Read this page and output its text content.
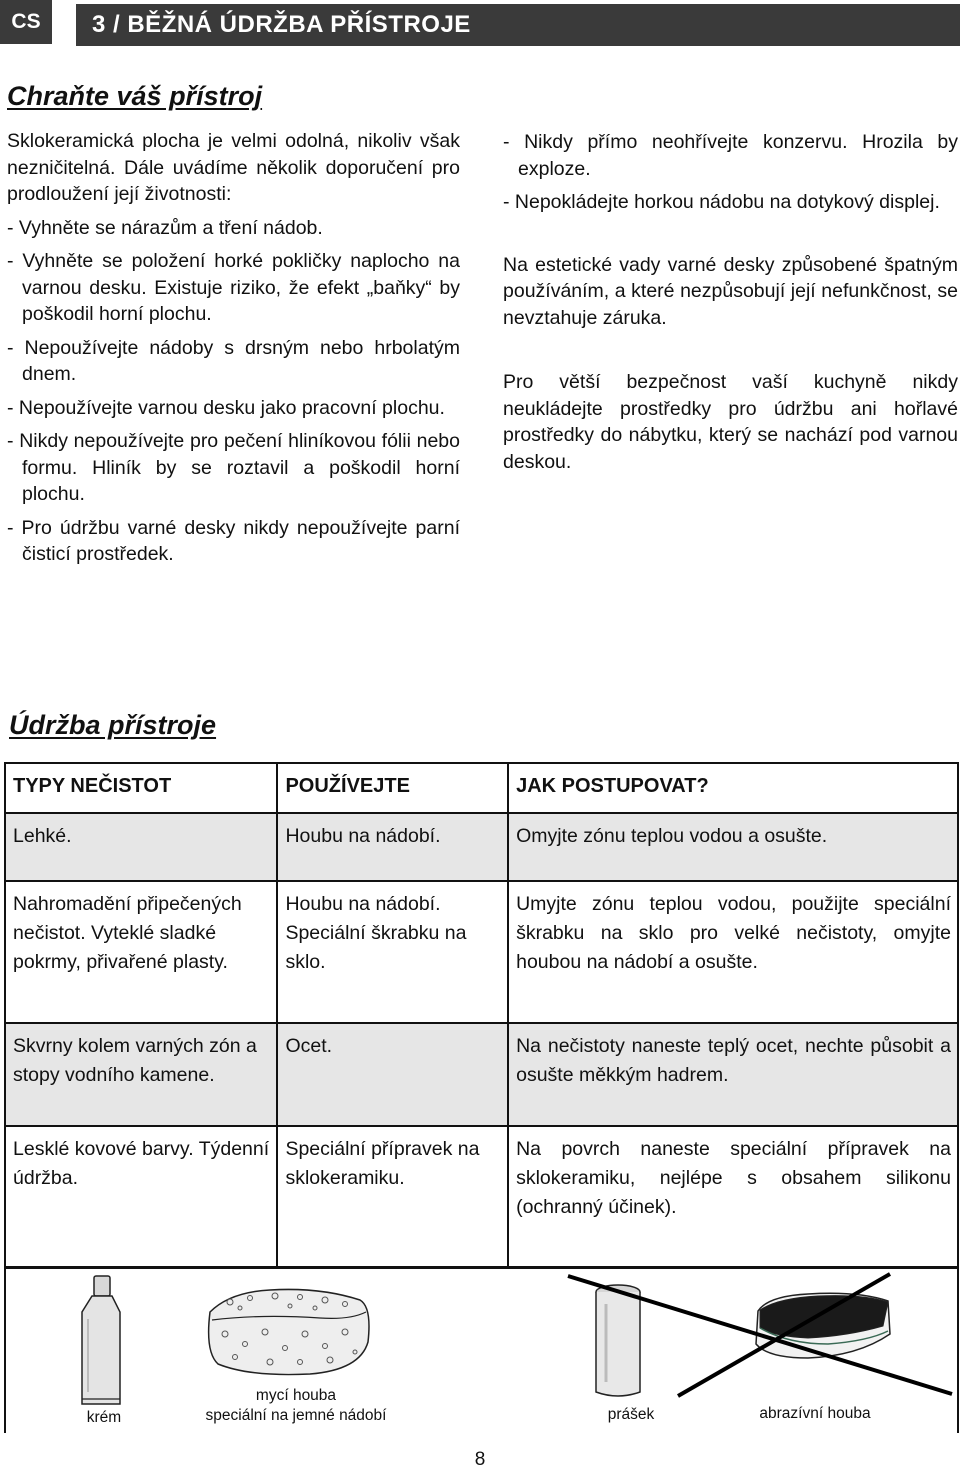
CS	3 / BĚŽNÁ ÚDRŽBA PŘÍSTROJE
Chraňte váš přístroj

Sklokeramická plocha je velmi odolná, nikoliv však nezničitelná. Dále uvádíme několik doporučení pro prodloužení její životnosti:

- Vyhněte se nárazům a tření nádob.

- Vyhněte se položení horké pokličky naplocho na varnou desku. Existuje riziko, že efekt „baňky“ by poškodil horní plochu.

- Nepoužívejte nádoby s drsným nebo hrbolatým dnem.

- Nepoužívejte varnou desku jako pracovní plochu.

- Nikdy nepoužívejte pro pečení hliníkovou fólii nebo formu. Hliník by se roztavil a poškodil horní plochu.

- Pro údržbu varné desky nikdy nepoužívejte parní čisticí prostředek.

- Nikdy přímo neohřívejte konzervu. Hrozila by exploze.

- Nepokládejte horkou nádobu na dotykový displej.

Na estetické vady varné desky způsobené špatným používáním, a které nezpůsobují její nefunkčnost, se nevztahuje záruka.

Pro větší bezpečnost vaší kuchyně nikdy neukládejte prostředky pro údržbu ani hořlavé prostředky do nábytku, který se nachází pod varnou deskou.

Údržba přístroje
TYPY NEČISTOT	POUŽÍVEJTE	JAK POSTUPOVAT?
Lehké.	Houbu na nádobí.	Omyjte zónu teplou vodou a osušte.
Nahromadění připečených nečistot. Vyteklé sladké pokrmy, přivařené plasty.	Houbu na nádobí. Speciální škrabku na sklo.	Umyjte zónu teplou vodou, použijte speciální škrabku na sklo pro velké nečistoty, omyjte houbou na nádobí a osušte.
Skvrny kolem varných zón a stopy vodního kamene.	Ocet.	Na nečistoty naneste teplý ocet, nechte působit a osušte měkkým hadrem.
Lesklé kovové barvy. Týdenní údržba.	Speciální přípravek na sklokeramiku.	Na povrch naneste speciální přípravek na sklokeramiku, nejlépe s obsahem silikonu (ochranný účinek).
krém
mycí houba
speciální na jemné nádobí	prášek	abrazívní houba
8
